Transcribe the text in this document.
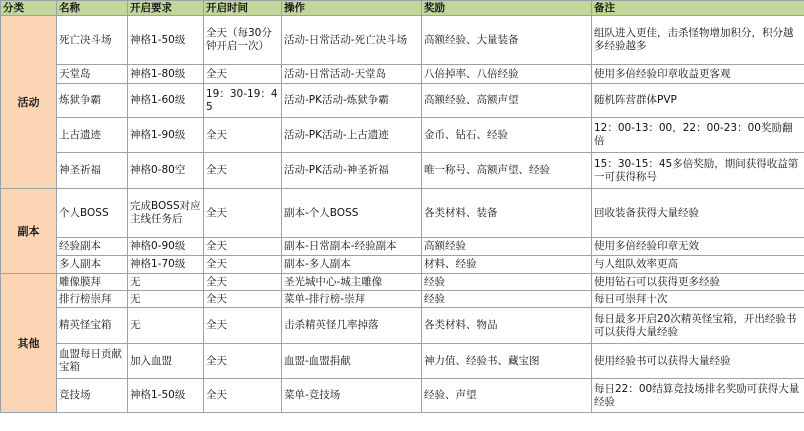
分类	名称	开启要求	开启时间	操作	奖励	备注
活动	死亡决斗场	神格1-50级	全天（每30分钟开启一次）	活动-日常活动-死亡决斗场	高额经验、大量装备	组队进入更佳，击杀怪物增加积分，积分越多经验越多
	天堂岛	神格1-80级	全天	活动-日常活动-天堂岛	八倍掉率、八倍经验	使用多倍经验印章收益更客观
	炼狱争霸	神格1-60级	19：30-19：45	活动-PK活动-炼狱争霸	高额经验、高额声望	随机阵营群体PVP
	上古遗迹	神格1-90级	全天	活动-PK活动-上古遗迹	金币、钻石、经验	12：00-13：00，22：00-23：00奖励翻倍
	神圣祈福	神格0-80空	全天	活动-PK活动-神圣祈福	唯一称号、高额声望、经验	15：30-15：45多倍奖励，期间获得收益第一可获得称号
副本	个人BOSS	完成BOSS对应主线任务后	全天	副本-个人BOSS	各类材料、装备	回收装备获得大量经验
	经验副本	神格0-90级	全天	副本-日常副本-经验副本	高额经验	使用多倍经验印章无效
	多人副本	神格1-70级	全天	副本-多人副本	材料、经验	与人组队效率更高
其他	雕像膜拜	无	全天	圣光城中心-城主雕像	经验	使用钻石可以获得更多经验
	排行榜崇拜	无	全天	菜单-排行榜-崇拜	经验	每日可崇拜十次
	精英怪宝箱	无	全天	击杀精英怪几率掉落	各类材料、物品	每日最多开启20次精英怪宝箱，开出经验书可以获得大量经验
	血盟每日贡献宝箱	加入血盟	全天	血盟-血盟捐献	神力值、经验书、藏宝图	使用经验书可以获得大量经验
	竞技场	神格1-50级	全天	菜单-竞技场	经验、声望	每日22：00结算竞技场排名奖励可获得大量经验
